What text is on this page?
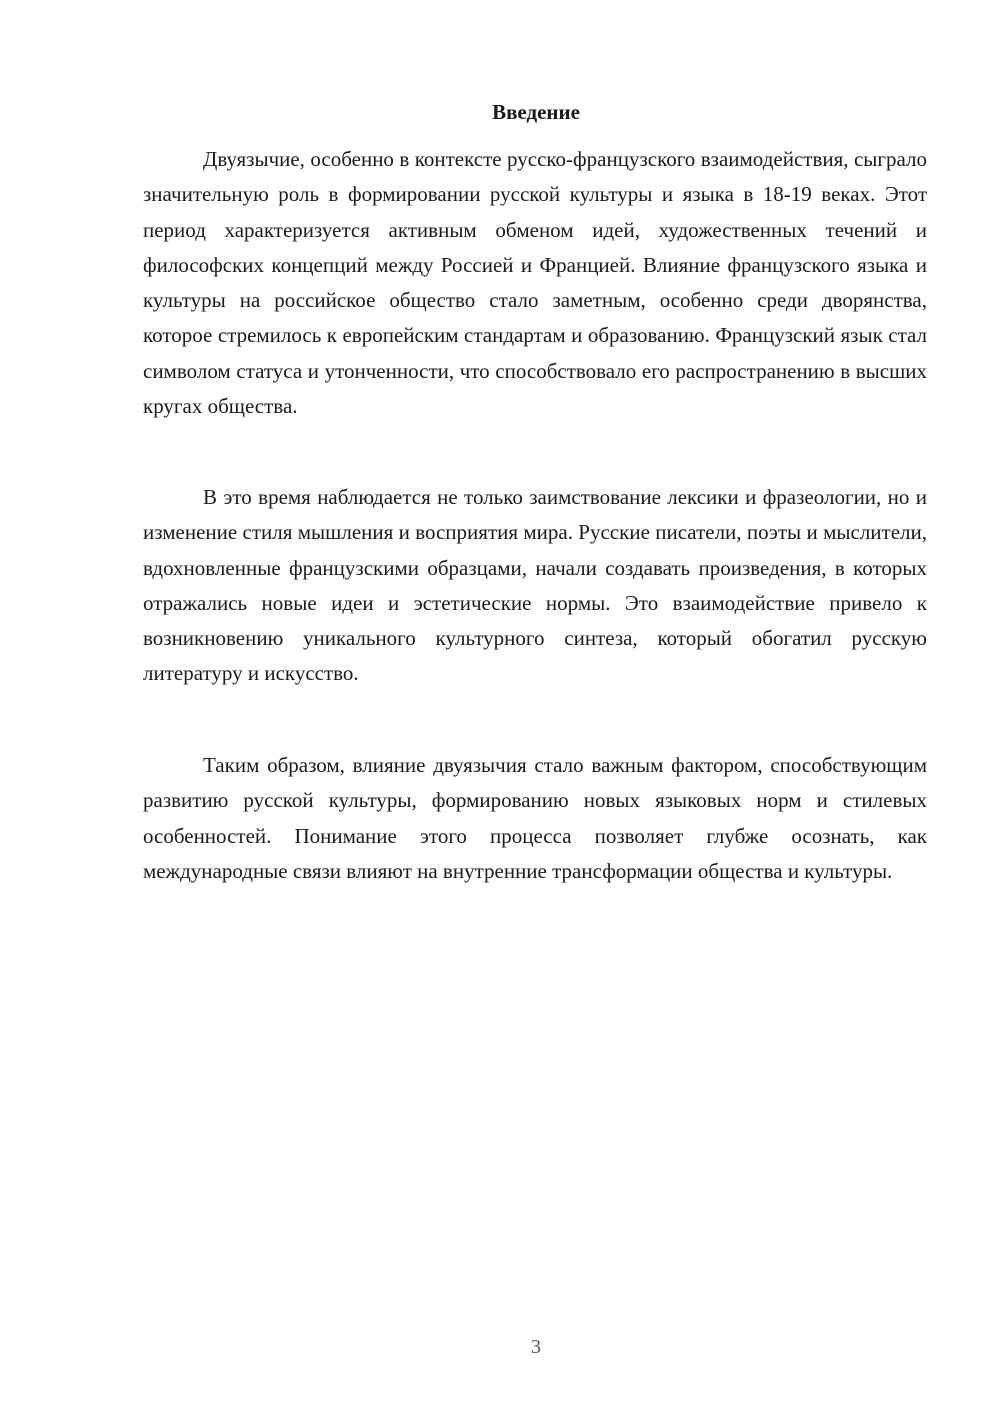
Введение

Двуязычие, особенно в контексте русско-французского взаимодействия, сыграло значительную роль в формировании русской культуры и языка в 18-19 веках. Этот период характеризуется активным обменом идей, художественных течений и философских концепций между Россией и Францией. Влияние французского языка и культуры на российское общество стало заметным, особенно среди дворянства, которое стремилось к европейским стандартам и образованию. Французский язык стал символом статуса и утонченности, что способствовало его распространению в высших кругах общества.

В это время наблюдается не только заимствование лексики и фразеологии, но и изменение стиля мышления и восприятия мира. Русские писатели, поэты и мыслители, вдохновленные французскими образцами, начали создавать произведения, в которых отражались новые идеи и эстетические нормы. Это взаимодействие привело к возникновению уникального культурного синтеза, который обогатил русскую литературу и искусство.

Таким образом, влияние двуязычия стало важным фактором, способствующим развитию русской культуры, формированию новых языковых норм и стилевых особенностей. Понимание этого процесса позволяет глубже осознать, как международные связи влияют на внутренние трансформации общества и культуры.

3
